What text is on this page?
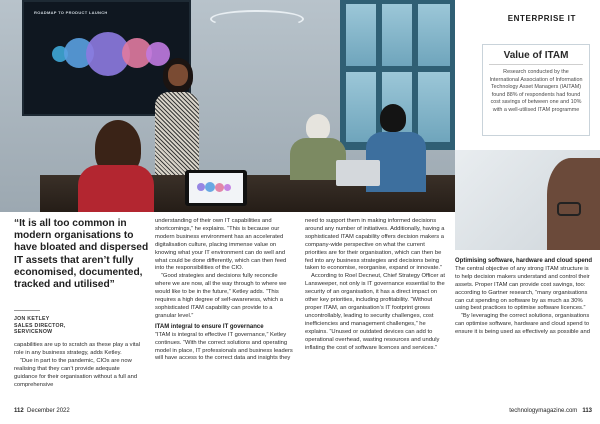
ROADMAP TO PRODUCT LAUNCH
ENTERPRISE IT

Value of ITAM

Research conducted by the International Association of Information Technology Asset Managers (IAITAM) found 88% of respondents had found cost savings of between one and 10% with a well-utilised ITAM programme

“It is all too common in modern organisations to have bloated and dispersed IT assets that aren’t fully economised, documented, tracked and utilised”

JON KETLEY
SALES DIRECTOR, SERVICENOW

capabilities are up to scratch as these play a vital role in any business strategy, adds Ketley.

“Due in part to the pandemic, CIOs are now realising that they can’t provide adequate guidance for their organisation without a full and comprehensive

understanding of their own IT capabilities and shortcomings,” he explains. “This is because our modern business environment has an accelerated digitalisation culture, placing immense value on knowing what your IT environment can do well and what could be done differently, which can then feed into the responsibilities of the CIO.

“Good strategies and decisions fully reconcile where we are now, all the way through to where we would like to be in the future,” Ketley adds. “This requires a high degree of self-awareness, which a sophisticated ITAM capability can provide to a granular level.”

ITAM integral to ensure IT governance

“ITAM is integral to effective IT governance,” Ketley continues. “With the correct solutions and operating model in place, IT professionals and business leaders will have access to the correct data and insights they

need to support them in making informed decisions around any number of initiatives. Additionally, having a sophisticated ITAM capability offers decision makers a company-wide perspective on what the current priorities are for their organisation, which can then be fed into any business strategies and decisions being taken to economise, reorganise, expand or innovate.”

According to Roel Decneut, Chief Strategy Officer at Lansweeper, not only is IT governance essential to the security of an organisation, it has a direct impact on other key priorities, including profitability. “Without proper ITAM, an organisation’s IT footprint grows uncontrollably, leading to security challenges, cost inefficiencies and management challenges,” he explains. “Unused or outdated devices can add to operational overhead, wasting resources and unduly inflating the cost of software licences and services.”

Optimising software, hardware and cloud spend

The central objective of any strong ITAM structure is to help decision makers understand and control their assets. Proper ITAM can provide cost savings, too: according to Gartner research, “many organisations can cut spending on software by as much as 30% using best practices to optimise software licences.”

“By leveraging the correct solutions, organisations can optimise software, hardware and cloud spend to ensure it is being used as effectively as possible and

112 December 2022	technologymagazine.com 113
